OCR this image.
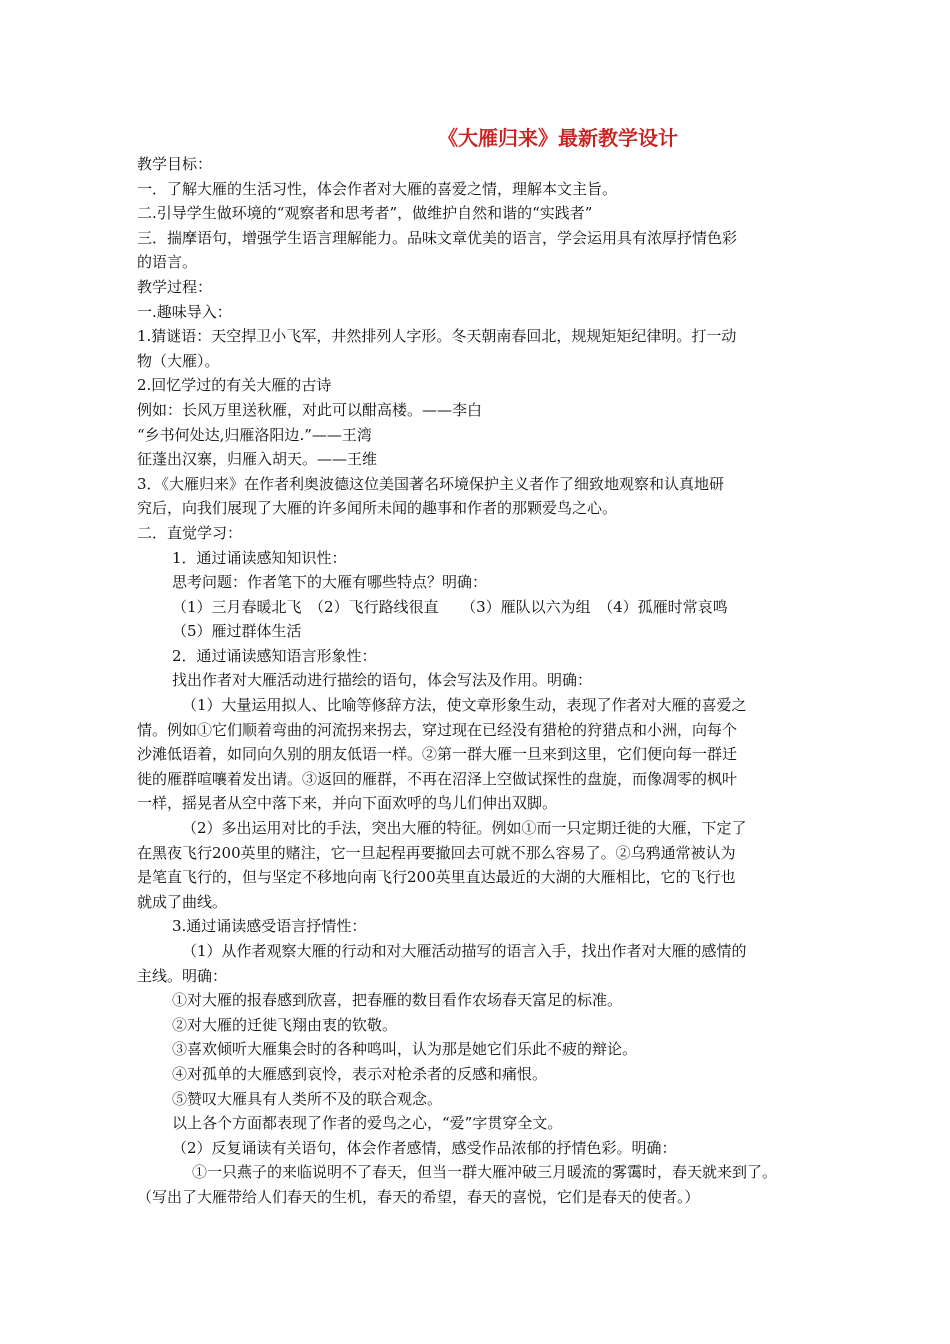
《大雁归来》最新教学设计
教学目标：
一．了解大雁的生活习性，体会作者对大雁的喜爱之情，理解本文主旨。
二.引导学生做环境的“观察者和思考者”，做维护自然和谐的“实践者”
三．揣摩语句，增强学生语言理解能力。品味文章优美的语言，学会运用具有浓厚抒情色彩
的语言。
教学过程：
一.趣味导入：
1.猜谜语：天空捍卫小飞军，井然排列人字形。冬天朝南春回北，规规矩矩纪律明。打一动
物（大雁）。
2.回忆学过的有关大雁的古诗
例如：长风万里送秋雁，对此可以酣高楼。——李白
“乡书何处达,归雁洛阳边.”——王湾
征蓬出汉寨，归雁入胡天。——王维
3．《大雁归来》在作者利奥波德这位美国著名环境保护主义者作了细致地观察和认真地研
究后，向我们展现了大雁的许多闻所未闻的趣事和作者的那颗爱鸟之心。
二．直觉学习：
1．通过诵读感知知识性：
思考问题：作者笔下的大雁有哪些特点？明确：
（1）三月春暖北飞　（2）飞行路线很直　　（3）雁队以六为组　（4）孤雁时常哀鸣
（5）雁过群体生活
2．通过诵读感知语言形象性：
找出作者对大雁活动进行描绘的语句，体会写法及作用。明确：
（1）大量运用拟人、比喻等修辞方法，使文章形象生动，表现了作者对大雁的喜爱之
情。例如①它们顺着弯曲的河流拐来拐去，穿过现在已经没有猎枪的狩猎点和小洲，向每个
沙滩低语着，如同向久别的朋友低语一样。②第一群大雁一旦来到这里，它们便向每一群迁
徙的雁群喧嚷着发出请。③返回的雁群，不再在沼泽上空做试探性的盘旋，而像凋零的枫叶
一样，摇晃者从空中落下来，并向下面欢呼的鸟儿们伸出双脚。
（2）多出运用对比的手法，突出大雁的特征。例如①而一只定期迁徙的大雁，下定了
在黑夜飞行200英里的赌注，它一旦起程再要撤回去可就不那么容易了。②乌鸦通常被认为
是笔直飞行的，但与坚定不移地向南飞行200英里直达最近的大湖的大雁相比，它的飞行也
就成了曲线。
3.通过诵读感受语言抒情性：
（1）从作者观察大雁的行动和对大雁活动描写的语言入手，找出作者对大雁的感情的
主线。明确：
①对大雁的报春感到欣喜，把春雁的数目看作农场春天富足的标准。
②对大雁的迁徙飞翔由衷的钦敬。
③喜欢倾听大雁集会时的各种鸣叫，认为那是她它们乐此不疲的辩论。
④对孤单的大雁感到哀怜，表示对枪杀者的反感和痛恨。
⑤赞叹大雁具有人类所不及的联合观念。
以上各个方面都表现了作者的爱鸟之心，“爱”字贯穿全文。
（2）反复诵读有关语句，体会作者感情，感受作品浓郁的抒情色彩。明确：
①一只燕子的来临说明不了春天，但当一群大雁冲破三月暖流的雾霭时，春天就来到了。
（写出了大雁带给人们春天的生机，春天的希望，春天的喜悦，它们是春天的使者。）
